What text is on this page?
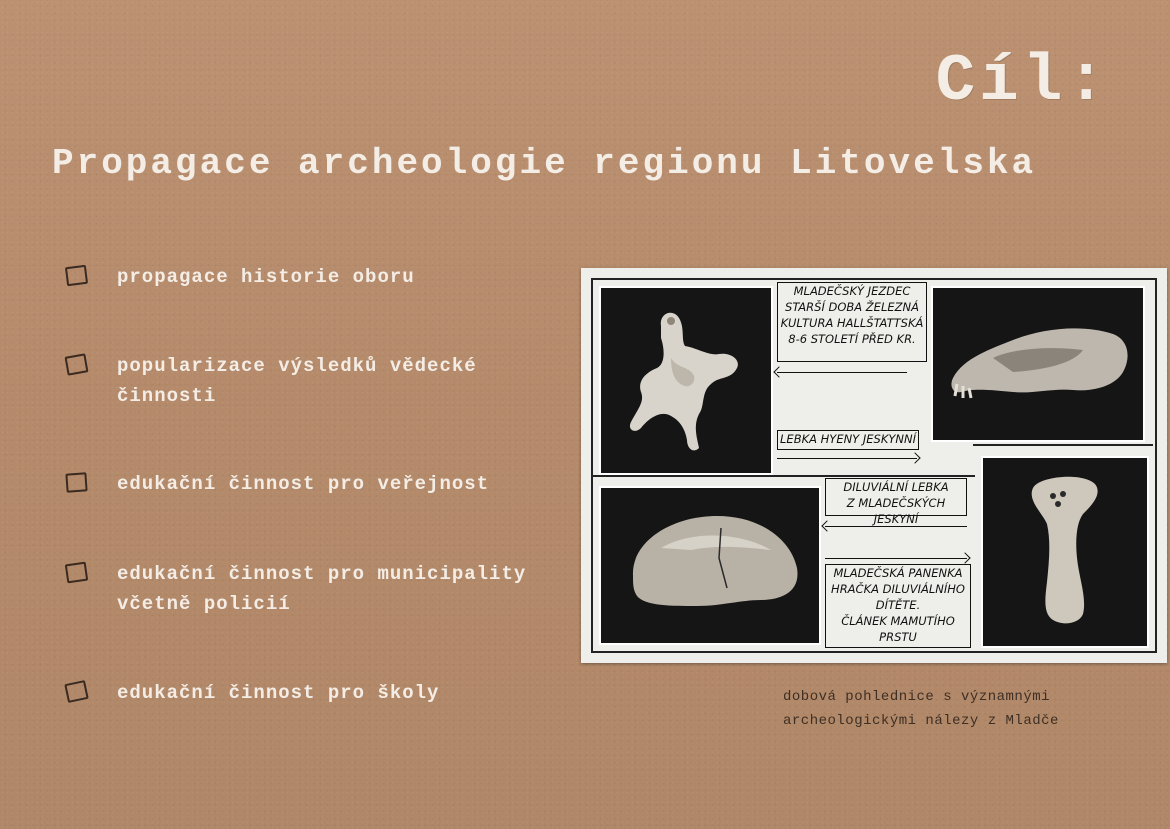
Cíl:
Propagace archeologie regionu Litovelska
propagace historie oboru
popularizace výsledků vědecké
činnosti
edukační činnost pro veřejnost
edukační činnost pro municipality
včetně policií
edukační činnost pro školy
MLADEČSKÝ JEZDEC
STARŠÍ DOBA ŽELEZNÁ
KULTURA HALLŠTATTSKÁ
8-6 STOLETÍ PŘED KR.
LEBKA HYENY JESKYNNÍ
DILUVIÁLNÍ LEBKA
Z MLADEČSKÝCH JESKYNÍ
MLADEČSKÁ PANENKA
HRAČKA DILUVIÁLNÍHO
DÍTĚTE.
ČLÁNEK MAMUTÍHO PRSTU
dobová pohlednice s významnými
archeologickými nálezy z Mladče
